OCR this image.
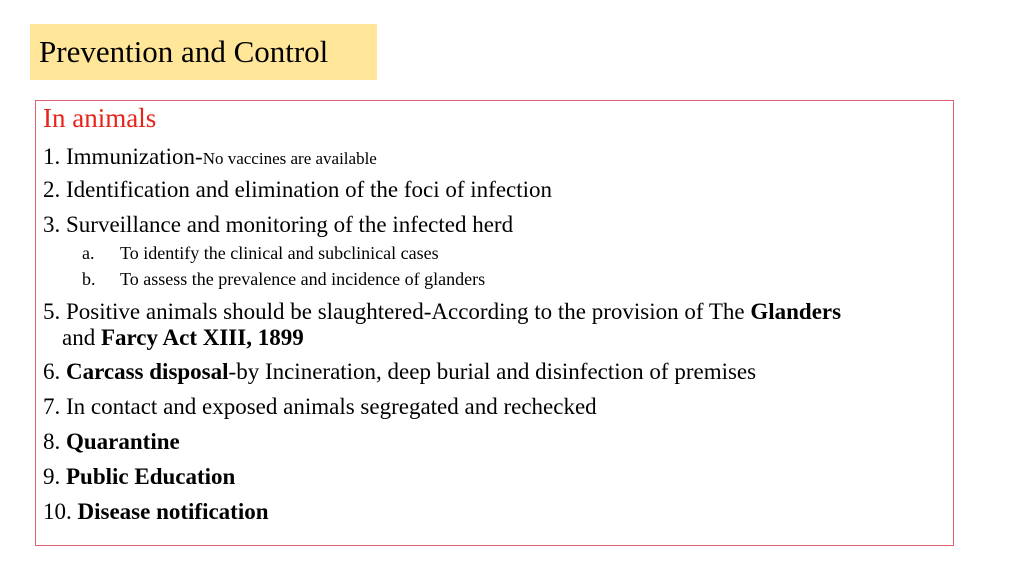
Prevention and Control
In animals
1. Immunization-No vaccines are available
2. Identification and elimination of the foci of infection
3. Surveillance and monitoring of the infected herd
a. To identify the clinical and subclinical cases
b. To assess the prevalence and incidence of glanders
5. Positive animals should be slaughtered-According to the provision of The Glanders
and Farcy Act XIII, 1899
6. Carcass disposal-by Incineration, deep burial and disinfection of premises
7. In contact and exposed animals segregated and rechecked
8. Quarantine
9. Public Education
10. Disease notification
